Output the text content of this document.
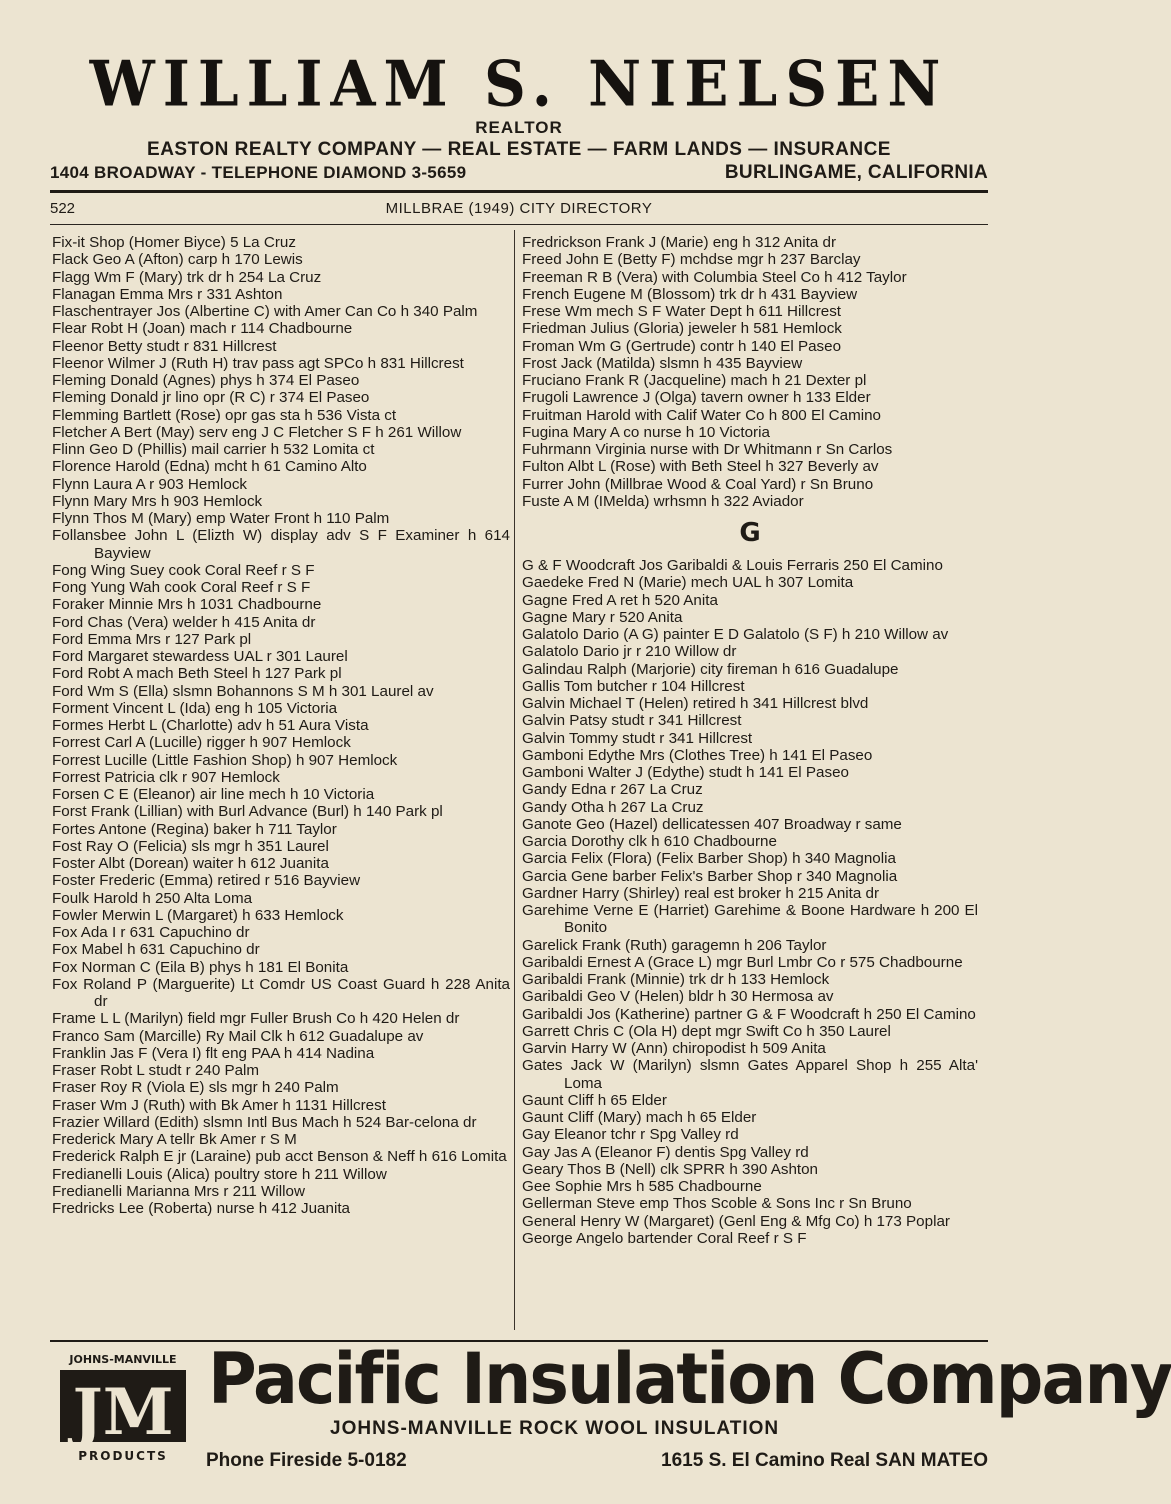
WILLIAM S. NIELSEN
REALTOR
EASTON REALTY COMPANY — REAL ESTATE — FARM LANDS — INSURANCE
1404 BROADWAY - TELEPHONE DIAMOND 3-5659	BURLINGAME, CALIFORNIA
522	MILLBRAE (1949) CITY DIRECTORY
Fix-it Shop (Homer Biyce) 5 La Cruz
Flack Geo A (Afton) carp h 170 Lewis
Flagg Wm F (Mary) trk dr h 254 La Cruz
Flanagan Emma Mrs r 331 Ashton
Flaschentrayer Jos (Albertine C) with Amer Can Co h 340 Palm
Flear Robt H (Joan) mach r 114 Chadbourne
Fleenor Betty studt r 831 Hillcrest
Fleenor Wilmer J (Ruth H) trav pass agt SPCo h 831 Hillcrest
Fleming Donald (Agnes) phys h 374 El Paseo
Fleming Donald jr lino opr (R C) r 374 El Paseo
Flemming Bartlett (Rose) opr gas sta h 536 Vista ct
Fletcher A Bert (May) serv eng J C Fletcher S F h 261 Willow
Flinn Geo D (Phillis) mail carrier h 532 Lomita ct
Florence Harold (Edna) mcht h 61 Camino Alto
Flynn Laura A r 903 Hemlock
Flynn Mary Mrs h 903 Hemlock
Flynn Thos M (Mary) emp Water Front h 110 Palm
Follansbee John L (Elizth W) display adv S F Examiner h 614 Bayview
Fong Wing Suey cook Coral Reef r S F
Fong Yung Wah cook Coral Reef r S F
Foraker Minnie Mrs h 1031 Chadbourne
Ford Chas (Vera) welder h 415 Anita dr
Ford Emma Mrs r 127 Park pl
Ford Margaret stewardess UAL r 301 Laurel
Ford Robt A mach Beth Steel h 127 Park pl
Ford Wm S (Ella) slsmn Bohannons S M h 301 Laurel av
Forment Vincent L (Ida) eng h 105 Victoria
Formes Herbt L (Charlotte) adv h 51 Aura Vista
Forrest Carl A (Lucille) rigger h 907 Hemlock
Forrest Lucille (Little Fashion Shop) h 907 Hemlock
Forrest Patricia clk r 907 Hemlock
Forsen C E (Eleanor) air line mech h 10 Victoria
Forst Frank (Lillian) with Burl Advance (Burl) h 140 Park pl
Fortes Antone (Regina) baker h 711 Taylor
Fost Ray O (Felicia) sls mgr h 351 Laurel
Foster Albt (Dorean) waiter h 612 Juanita
Foster Frederic (Emma) retired r 516 Bayview
Foulk Harold h 250 Alta Loma
Fowler Merwin L (Margaret) h 633 Hemlock
Fox Ada I r 631 Capuchino dr
Fox Mabel h 631 Capuchino dr
Fox Norman C (Eila B) phys h 181 El Bonita
Fox Roland P (Marguerite) Lt Comdr US Coast Guard h 228 Anita dr
Frame L L (Marilyn) field mgr Fuller Brush Co h 420 Helen dr
Franco Sam (Marcille) Ry Mail Clk h 612 Guadalupe av
Franklin Jas F (Vera I) flt eng PAA h 414 Nadina
Fraser Robt L studt r 240 Palm
Fraser Roy R (Viola E) sls mgr h 240 Palm
Fraser Wm J (Ruth) with Bk Amer h 1131 Hillcrest
Frazier Willard (Edith) slsmn Intl Bus Mach h 524 Bar-celona dr
Frederick Mary A tellr Bk Amer r S M
Frederick Ralph E jr (Laraine) pub acct Benson & Neff h 616 Lomita
Fredianelli Louis (Alica) poultry store h 211 Willow
Fredianelli Marianna Mrs r 211 Willow
Fredricks Lee (Roberta) nurse h 412 Juanita
Fredrickson Frank J (Marie) eng h 312 Anita dr
Freed John E (Betty F) mchdse mgr h 237 Barclay
Freeman R B (Vera) with Columbia Steel Co h 412 Taylor
French Eugene M (Blossom) trk dr h 431 Bayview
Frese Wm mech S F Water Dept h 611 Hillcrest
Friedman Julius (Gloria) jeweler h 581 Hemlock
Froman Wm G (Gertrude) contr h 140 El Paseo
Frost Jack (Matilda) slsmn h 435 Bayview
Fruciano Frank R (Jacqueline) mach h 21 Dexter pl
Frugoli Lawrence J (Olga) tavern owner h 133 Elder
Fruitman Harold with Calif Water Co h 800 El Camino
Fugina Mary A co nurse h 10 Victoria
Fuhrmann Virginia nurse with Dr Whitmann r Sn Carlos
Fulton Albt L (Rose) with Beth Steel h 327 Beverly av
Furrer John (Millbrae Wood & Coal Yard) r Sn Bruno
Fuste A M (IMelda) wrhsmn h 322 Aviador
G
G & F Woodcraft Jos Garibaldi & Louis Ferraris 250 El Camino
Gaedeke Fred N (Marie) mech UAL h 307 Lomita
Gagne Fred A ret h 520 Anita
Gagne Mary r 520 Anita
Galatolo Dario (A G) painter E D Galatolo (S F) h 210 Willow av
Galatolo Dario jr r 210 Willow dr
Galindau Ralph (Marjorie) city fireman h 616 Guadalupe
Gallis Tom butcher r 104 Hillcrest
Galvin Michael T (Helen) retired h 341 Hillcrest blvd
Galvin Patsy studt r 341 Hillcrest
Galvin Tommy studt r 341 Hillcrest
Gamboni Edythe Mrs (Clothes Tree) h 141 El Paseo
Gamboni Walter J (Edythe) studt h 141 El Paseo
Gandy Edna r 267 La Cruz
Gandy Otha h 267 La Cruz
Ganote Geo (Hazel) dellicatessen 407 Broadway r same
Garcia Dorothy clk h 610 Chadbourne
Garcia Felix (Flora) (Felix Barber Shop) h 340 Magnolia
Garcia Gene barber Felix's Barber Shop r 340 Magnolia
Gardner Harry (Shirley) real est broker h 215 Anita dr
Garehime Verne E (Harriet) Garehime & Boone Hardware h 200 El Bonito
Garelick Frank (Ruth) garagemn h 206 Taylor
Garibaldi Ernest A (Grace L) mgr Burl Lmbr Co r 575 Chadbourne
Garibaldi Frank (Minnie) trk dr h 133 Hemlock
Garibaldi Geo V (Helen) bldr h 30 Hermosa av
Garibaldi Jos (Katherine) partner G & F Woodcraft h 250 El Camino
Garrett Chris C (Ola H) dept mgr Swift Co h 350 Laurel
Garvin Harry W (Ann) chiropodist h 509 Anita
Gates Jack W (Marilyn) slsmn Gates Apparel Shop h 255 Alta' Loma
Gaunt Cliff h 65 Elder
Gaunt Cliff (Mary) mach h 65 Elder
Gay Eleanor tchr r Spg Valley rd
Gay Jas A (Eleanor F) dentis Spg Valley rd
Geary Thos B (Nell) clk SPRR h 390 Ashton
Gee Sophie Mrs h 585 Chadbourne
Gellerman Steve emp Thos Scoble & Sons Inc r Sn Bruno
General Henry W (Margaret) (Genl Eng & Mfg Co) h 173 Poplar
George Angelo bartender Coral Reef r S F
JOHNS-MANVILLE
JM
PRODUCTS
Pacific Insulation Company
JOHNS-MANVILLE ROCK WOOL INSULATION
Phone Fireside 5-0182	1615 S. El Camino Real SAN MATEO
